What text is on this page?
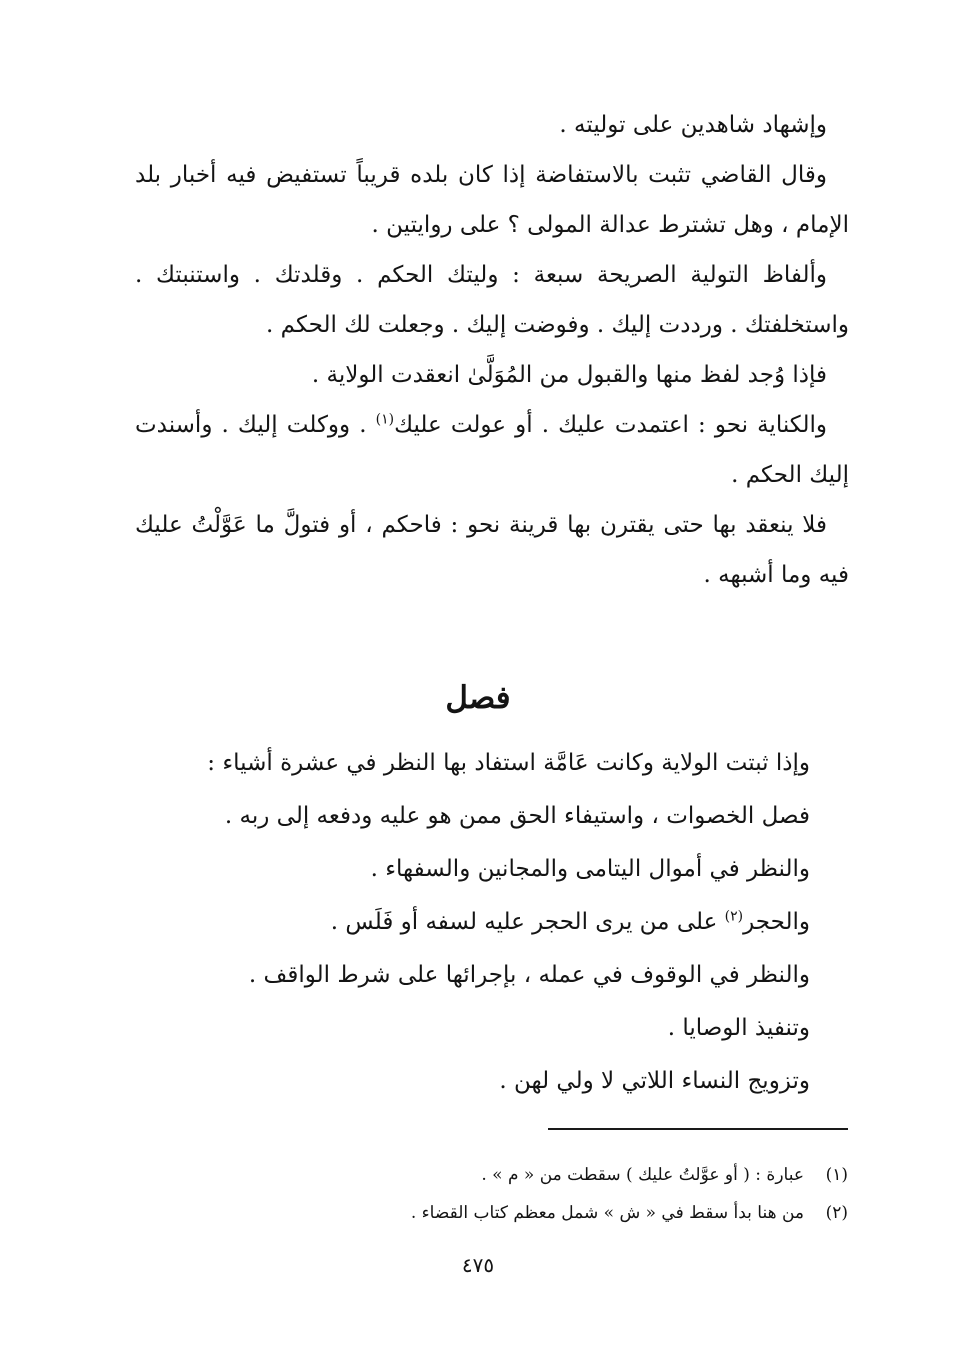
وإشهاد شاهدين على توليته .

وقال القاضي تثبت بالاستفاضة إذا كان بلده قريباً تستفيض فيه أخبار بلد الإمام ، وهل تشترط عدالة المولى ؟ على روايتين .

وألفاظ التولية الصريحة سبعة : وليتك الحكم . وقلدتك . واستنبتك . واستخلفتك . ورددت إليك . وفوضت إليك . وجعلت لك الحكم .

فإذا وُجد لفظ منها والقبول من المُوَلَّىٰ انعقدت الولاية .

والكناية نحو : اعتمدت عليك . أو عولت عليك$^{(١)}$ . ووكلت إليك . وأسندت إليك الحكم .

فلا ينعقد بها حتى يقترن بها قرينة نحو : فاحكم ، أو فتولَّ ما عَوَّلْتُ عليك فيه وما أشبهه .

فصل

وإذا ثبتت الولاية وكانت عَامَّة استفاد بها النظر في عشرة أشياء :

فصل الخصوات ، واستيفاء الحق ممن هو عليه ودفعه إلى ربه .

والنظر في أموال اليتامى والمجانين والسفهاء .

والحجر$^{(٢)}$ على من يرى الحجر عليه لسفه أو فَلَس .

والنظر في الوقوف في عمله ، بإجرائها على شرط الواقف .

وتنفيذ الوصايا .

وتزويج النساء اللاتي لا ولي لهن .

(١)عبارة : ( أو عوَّلتُ عليك ) سقطت من « م » .

(٢)من هنا بدأ سقط في « ش » شمل معظم كتاب القضاء .

٤٧٥
